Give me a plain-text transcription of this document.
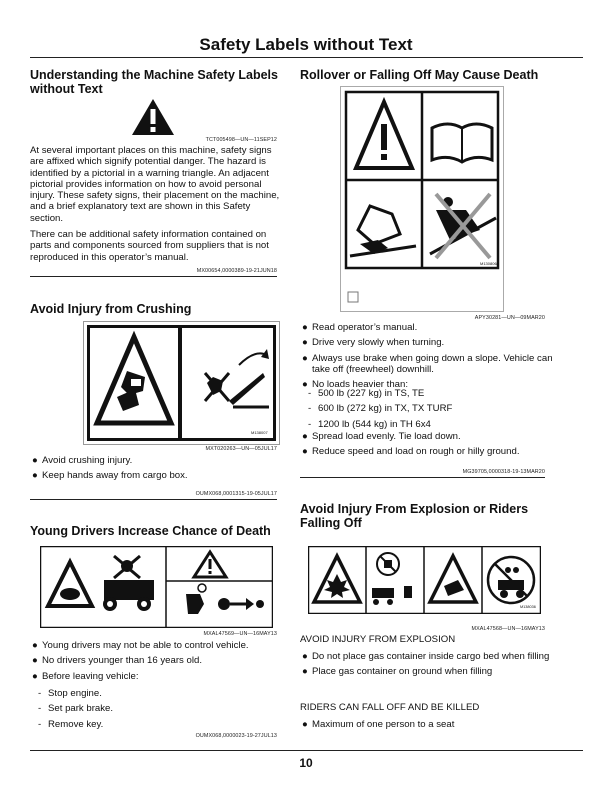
Safety Labels without Text
Understanding the Machine Safety Labels without Text
TCT005498—UN—11SEP12
At several important places on this machine, safety signs are affixed which signify potential danger. The hazard is identified by a pictorial in a warning triangle. An adjacent pictorial provides information on how to avoid personal injury. These safety signs, their placement on the machine, and a brief explanatory text are shown in this Safety section.
There can be additional safety information contained on parts and components sourced from suppliers that is not reproduced in this operator’s manual.
MX00654,0000389-19-21JUN18
Avoid Injury from Crushing
M138007
MXT020263—UN—05JUL17
● Avoid crushing injury.
● Keep hands away from cargo box.
OUMX068,0001315-19-05JUL17
Young Drivers Increase Chance of Death
MXAL47569—UN—16MAY13
● Young drivers may not be able to control vehicle.
● No drivers younger than 16 years old.
● Before leaving vehicle:
- Stop engine.
- Set park brake.
- Remove key.
OUMX068,0000023-19-27JUL13
Rollover or Falling Off May Cause Death
M1308064
APY30281—UN—09MAR20
● Read operator’s manual.
● Drive very slowly when turning.
● Always use brake when going down a slope. Vehicle can take off (freewheel) downhill.
● No loads heavier than:
- 500 lb (227 kg) in TS, TE
- 600 lb (272 kg) in TX, TX TURF
- 1200 lb (544 kg) in TH 6x4
● Spread load evenly. Tie load down.
● Reduce speed and load on rough or hilly ground.
MG39705,0000318-19-13MAR20
Avoid Injury From Explosion or Riders Falling Off
M138036
MXAL47568—UN—16MAY13
AVOID INJURY FROM EXPLOSION
● Do not place gas container inside cargo bed when filling
● Place gas container on ground when filling
RIDERS CAN FALL OFF AND BE KILLED
● Maximum of one person to a seat
10
